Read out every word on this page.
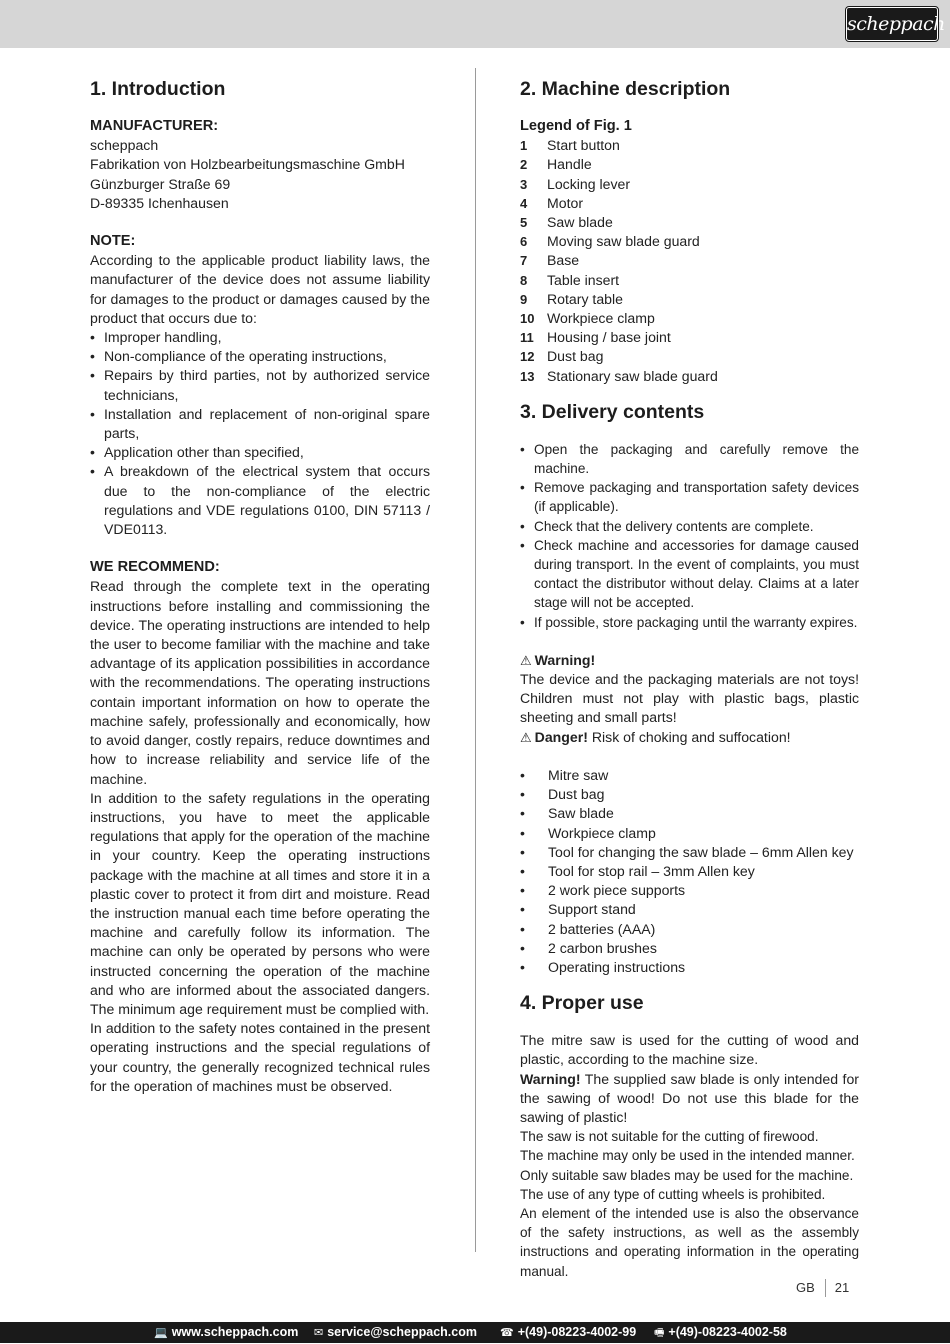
scheppach
1. Introduction
MANUFACTURER:
scheppach
Fabrikation von Holzbearbeitungsmaschine GmbH
Günzburger Straße 69
D-89335 Ichenhausen
NOTE:

According to the applicable product liability laws, the manufacturer of the device does not assume liability for damages to the product or damages caused by the product that occurs due to:

• Improper handling,
• Non-compliance of the operating instructions,
• Repairs by third parties, not by authorized service technicians,
• Installation and replacement of non-original spare parts,
• Application other than specified,
• A breakdown of the electrical system that occurs due to the non-compliance of the electric regulations and VDE regulations 0100, DIN 57113 / VDE0113.
WE RECOMMEND:

Read through the complete text in the operating instructions before installing and commissioning the device. The operating instructions are intended to help the user to become familiar with the machine and take advantage of its application possibilities in accordance with the recommendations. The operating instructions contain important information on how to operate the machine safely, professionally and economically, how to avoid danger, costly repairs, reduce downtimes and how to increase reliability and service life of the machine.

In addition to the safety regulations in the operating instructions, you have to meet the applicable regulations that apply for the operation of the machine in your country. Keep the operating instructions package with the machine at all times and store it in a plastic cover to protect it from dirt and moisture. Read the instruction manual each time before operating the machine and carefully follow its information. The machine can only be operated by persons who were instructed concerning the operation of the machine and who are informed about the associated dangers. The minimum age requirement must be complied with.

In addition to the safety notes contained in the present operating instructions and the special regulations of your country, the generally recognized technical rules for the operation of machines must be observed.

2. Machine description
Legend of Fig. 1
1	Start button
2	Handle
3	Locking lever
4	Motor
5	Saw blade
6	Moving saw blade guard
7	Base
8	Table insert
9	Rotary table
10 Workpiece clamp
11 Housing / base joint
12 Dust bag
13 Stationary saw blade guard
3. Delivery contents
• Open the packaging and carefully remove the machine.
• Remove packaging and transportation safety devices (if applicable).
• Check that the delivery contents are complete.
• Check machine and accessories for damage caused during transport. In the event of complaints, you must contact the distributor without delay. Claims at a later stage will not be accepted.
• If possible, store packaging until the warranty expires.
⚠ Warning!

The device and the packaging materials are not toys! Children must not play with plastic bags, plastic sheeting and small parts!

⚠ Danger! Risk of choking and suffocation!
• Mitre saw
• Dust bag
• Saw blade
• Workpiece clamp
• Tool for changing the saw blade – 6mm Allen key
• Tool for stop rail – 3mm Allen key
• 2 work piece supports
• Support stand
• 2 batteries (AAA)
• 2 carbon brushes
• Operating instructions
4. Proper use

The mitre saw is used for the cutting of wood and plastic, according to the machine size.

Warning! The supplied saw blade is only intended for the sawing of wood! Do not use this blade for the sawing of plastic!

The saw is not suitable for the cutting of firewood.

The machine may only be used in the intended manner.

Only suitable saw blades may be used for the machine.

The use of any type of cutting wheels is prohibited.

An element of the intended use is also the observance of the safety instructions, as well as the assembly instructions and operating information in the operating manual.

GB 21
💻 www.scheppach.com ✉ service@scheppach.com ☎ +(49)-08223-4002-99 🖷 +(49)-08223-4002-58
